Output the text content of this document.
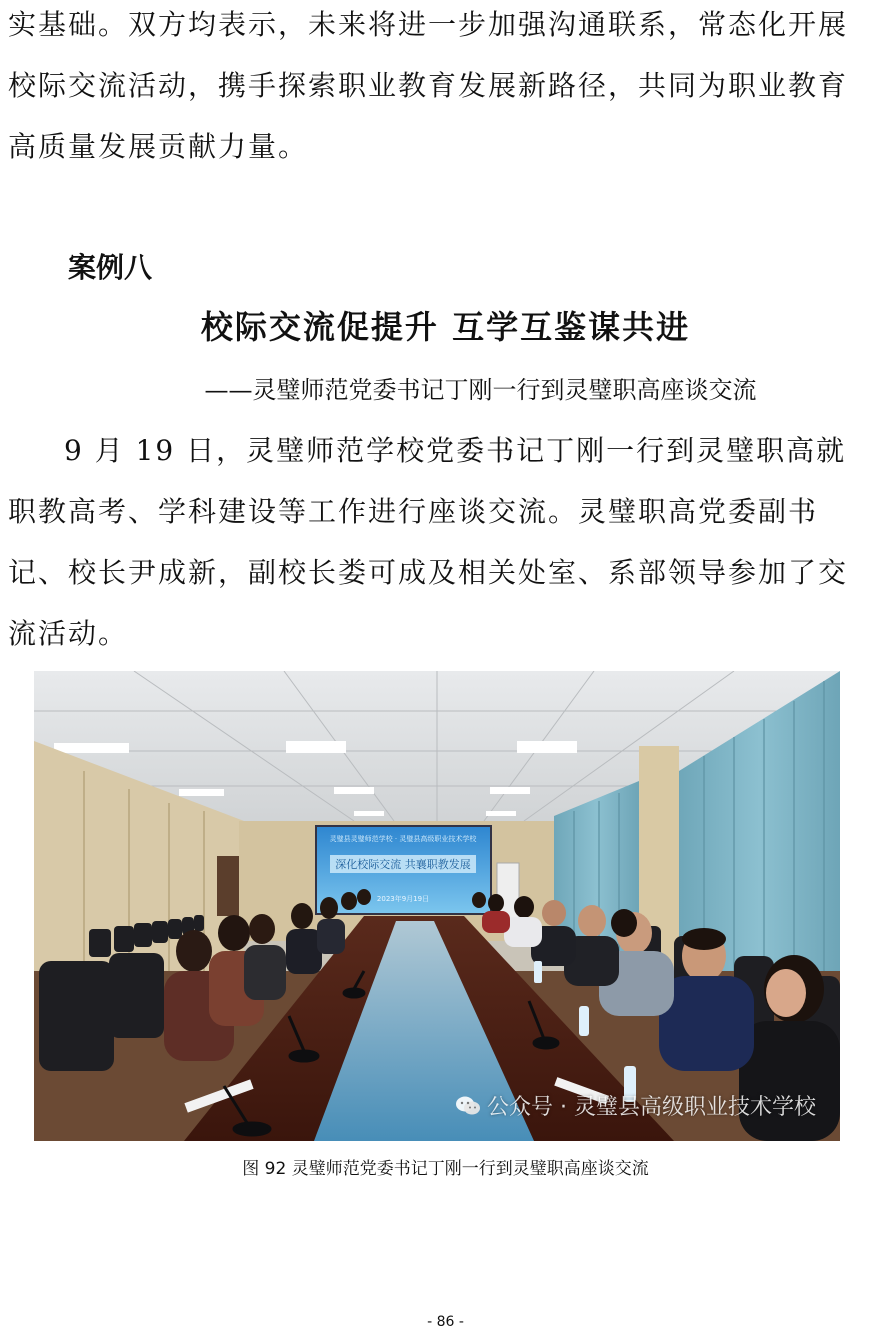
实基础。双方均表示，未来将进一步加强沟通联系，常态化开展校际交流活动，携手探索职业教育发展新路径，共同为职业教育高质量发展贡献力量。

案例八

校际交流促提升 互学互鉴谋共进

——灵璧师范党委书记丁刚一行到灵璧职高座谈交流

9 月 19 日，灵璧师范学校党委书记丁刚一行到灵璧职高就职教高考、学科建设等工作进行座谈交流。灵璧职高党委副书记、校长尹成新，副校长娄可成及相关处室、系部领导参加了交流活动。

灵璧县灵璧师范学校 · 灵璧县高级职业技术学校
深化校际交流 共襄职教发展
2023年9月19日
公众号 · 灵璧县高级职业技术学校

图 92 灵璧师范党委书记丁刚一行到灵璧职高座谈交流

- 86 -
